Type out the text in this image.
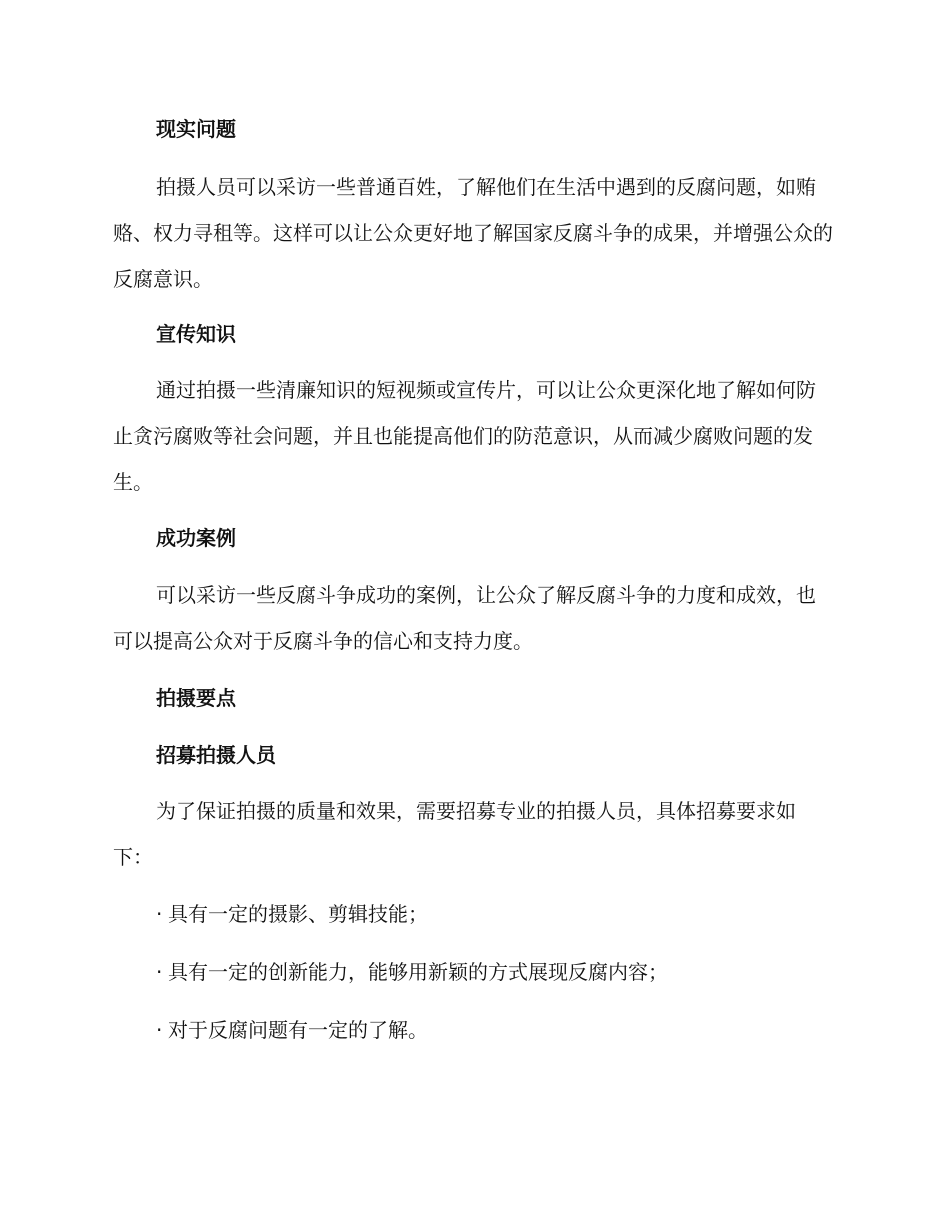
现实问题

拍摄人员可以采访一些普通百姓，了解他们在生活中遇到的反腐问题，如贿赂、权力寻租等。这样可以让公众更好地了解国家反腐斗争的成果，并增强公众的反腐意识。

宣传知识

通过拍摄一些清廉知识的短视频或宣传片，可以让公众更深化地了解如何防止贪污腐败等社会问题，并且也能提高他们的防范意识，从而减少腐败问题的发生。

成功案例

可以采访一些反腐斗争成功的案例，让公众了解反腐斗争的力度和成效，也可以提高公众对于反腐斗争的信心和支持力度。

拍摄要点
招募拍摄人员

为了保证拍摄的质量和效果，需要招募专业的拍摄人员，具体招募要求如下：

· 具有一定的摄影、剪辑技能；

· 具有一定的创新能力，能够用新颖的方式展现反腐内容；

· 对于反腐问题有一定的了解。
